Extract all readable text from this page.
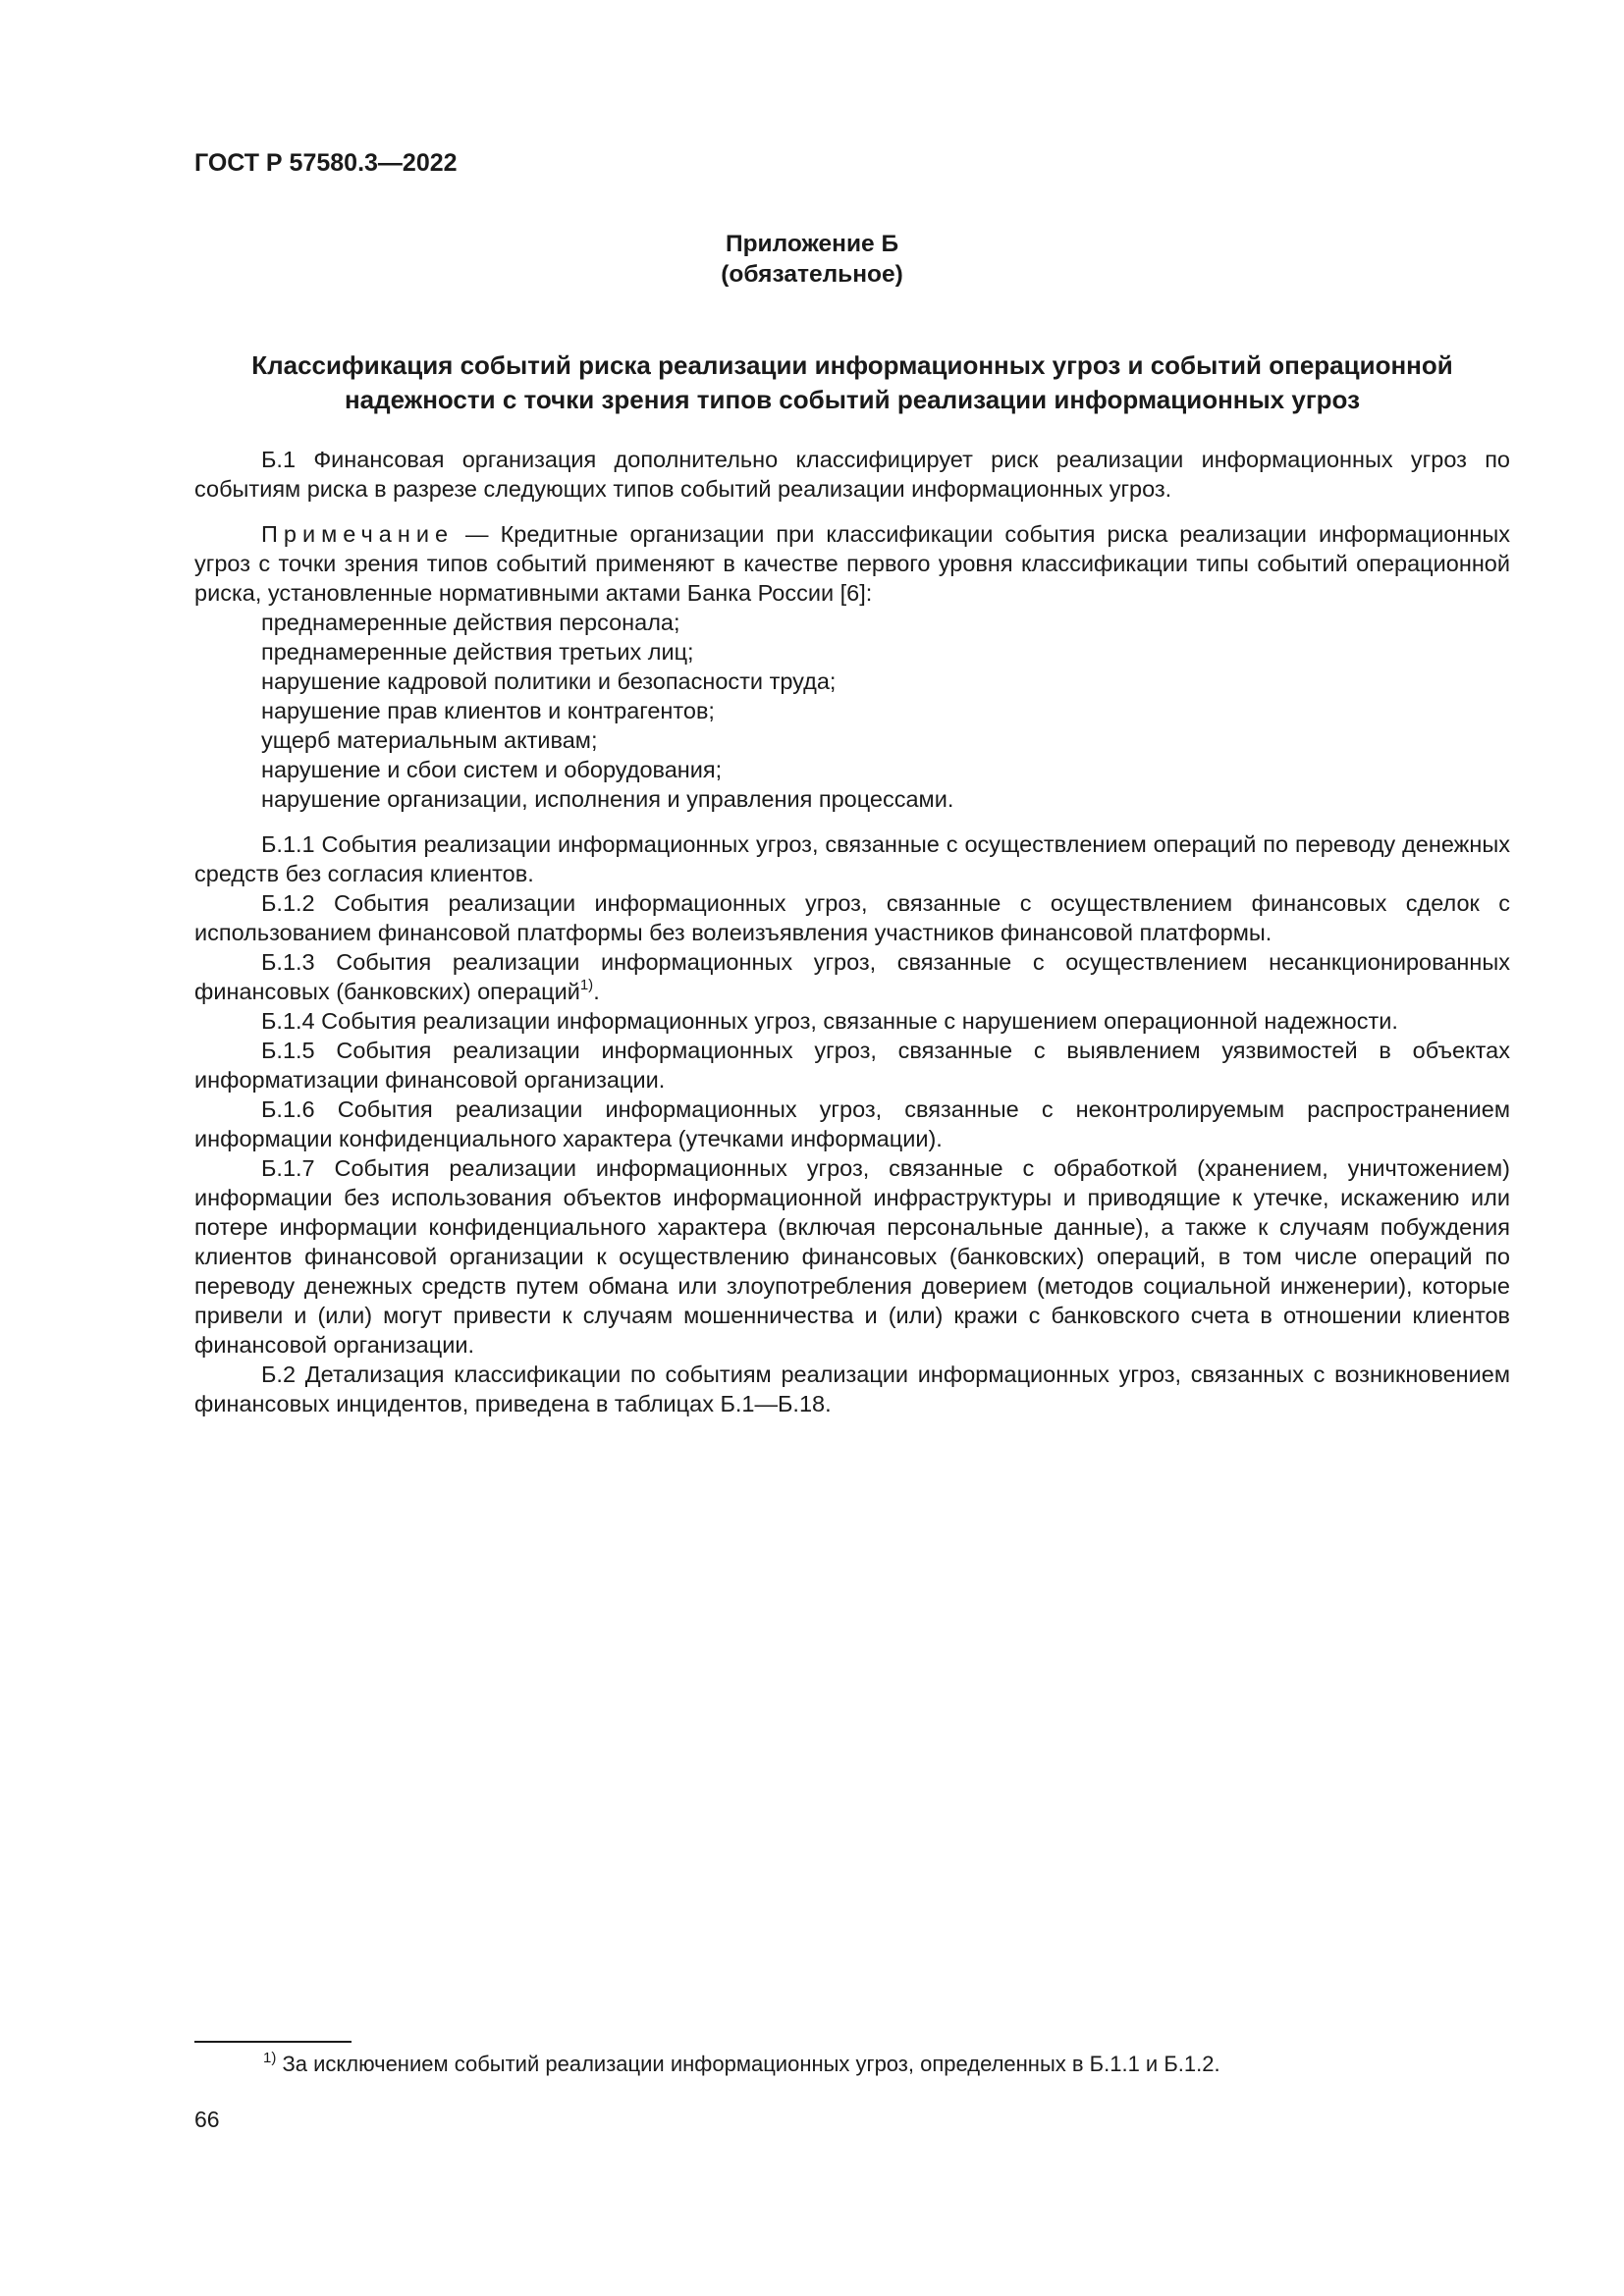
ГОСТ Р 57580.3—2022
Приложение Б
(обязательное)
Классификация событий риска реализации информационных угроз и событий операционной
надежности с точки зрения типов событий реализации информационных угроз

Б.1 Финансовая организация дополнительно классифицирует риск реализации информационных угроз по событиям риска в разрезе следующих типов событий реализации информационных угроз.

Примечание — Кредитные организации при классификации события риска реализации информационных угроз с точки зрения типов событий применяют в качестве первого уровня классификации типы событий операционной риска, установленные нормативными актами Банка России [6]:

преднамеренные действия персонала;

преднамеренные действия третьих лиц;

нарушение кадровой политики и безопасности труда;

нарушение прав клиентов и контрагентов;

ущерб материальным активам;

нарушение и сбои систем и оборудования;

нарушение организации, исполнения и управления процессами.

Б.1.1 События реализации информационных угроз, связанные с осуществлением операций по переводу денежных средств без согласия клиентов.

Б.1.2 События реализации информационных угроз, связанные с осуществлением финансовых сделок с использованием финансовой платформы без волеизъявления участников финансовой платформы.

Б.1.3 События реализации информационных угроз, связанные с осуществлением несанкционированных финансовых (банковских) операций$^{1)}$.

Б.1.4 События реализации информационных угроз, связанные с нарушением операционной надежности.

Б.1.5 События реализации информационных угроз, связанные с выявлением уязвимостей в объектах информатизации финансовой организации.

Б.1.6 События реализации информационных угроз, связанные с неконтролируемым распространением информации конфиденциального характера (утечками информации).

Б.1.7 События реализации информационных угроз, связанные с обработкой (хранением, уничтожением) информации без использования объектов информационной инфраструктуры и приводящие к утечке, искажению или потере информации конфиденциального характера (включая персональные данные), а также к случаям побуждения клиентов финансовой организации к осуществлению финансовых (банковских) операций, в том числе операций по переводу денежных средств путем обмана или злоупотребления доверием (методов социальной инженерии), которые привели и (или) могут привести к случаям мошенничества и (или) кражи с банковского счета в отношении клиентов финансовой организации.

Б.2 Детализация классификации по событиям реализации информационных угроз, связанных с возникновением финансовых инцидентов, приведена в таблицах Б.1—Б.18.

$^{1)}$ За исключением событий реализации информационных угроз, определенных в Б.1.1 и Б.1.2.
66
